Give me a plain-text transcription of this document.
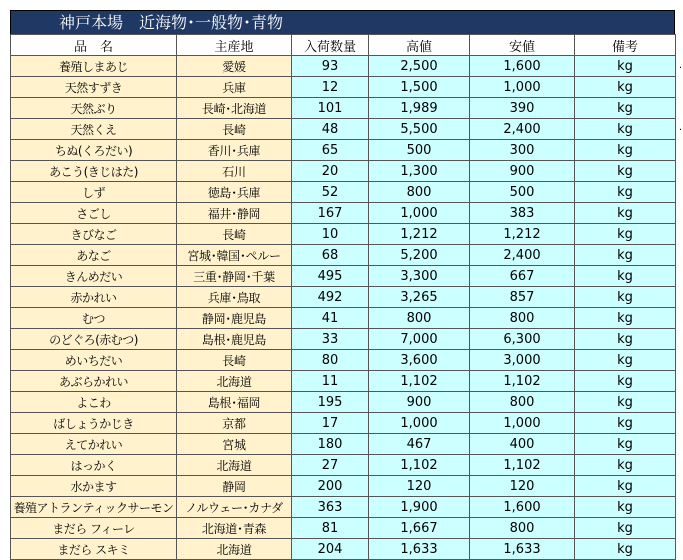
神戸本場　近海物･一般物･青物
品　名	主産地	入荷数量	高値	安値	備考
養殖しまあじ	愛媛	93	2,500	1,600	kg
天然すずき	兵庫	12	1,500	1,000	kg
天然ぶり	長崎･北海道	101	1,989	390	kg
天然くえ	長崎	48	5,500	2,400	kg
ちぬ(くろだい)	香川･兵庫	65	500	300	kg
あこう(きじはた)	石川	20	1,300	900	kg
しず	徳島･兵庫	52	800	500	kg
さごし	福井･静岡	167	1,000	383	kg
きびなご	長崎	10	1,212	1,212	kg
あなご	宮城･韓国･ペルー	68	5,200	2,400	kg
きんめだい	三重･静岡･千葉	495	3,300	667	kg
赤かれい	兵庫･鳥取	492	3,265	857	kg
むつ	静岡･鹿児島	41	800	800	kg
のどぐろ(赤むつ)	島根･鹿児島	33	7,000	6,300	kg
めいちだい	長崎	80	3,600	3,000	kg
あぶらかれい	北海道	11	1,102	1,102	kg
よこわ	島根･福岡	195	900	800	kg
ばしょうかじき	京都	17	1,000	1,000	kg
えてかれい	宮城	180	467	400	kg
はっかく	北海道	27	1,102	1,102	kg
水かます	静岡	200	120	120	kg
養殖アトランティックサーモン	ノルウェー･カナダ	363	1,900	1,600	kg
まだら フィーレ	北海道･青森	81	1,667	800	kg
まだら スキミ	北海道	204	1,633	1,633	kg
.
.
